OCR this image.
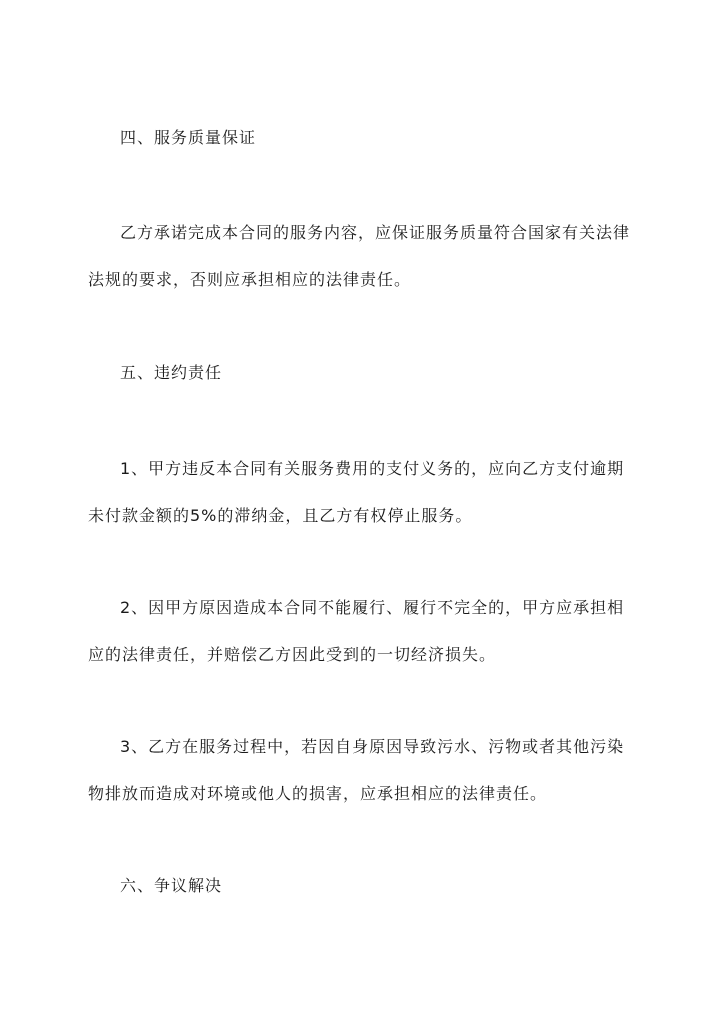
四、服务质量保证
乙方承诺完成本合同的服务内容，应保证服务质量符合国家有关法律
法规的要求，否则应承担相应的法律责任。
五、违约责任
1、甲方违反本合同有关服务费用的支付义务的，应向乙方支付逾期
未付款金额的5%的滞纳金，且乙方有权停止服务。
2、因甲方原因造成本合同不能履行、履行不完全的，甲方应承担相
应的法律责任，并赔偿乙方因此受到的一切经济损失。
3、乙方在服务过程中，若因自身原因导致污水、污物或者其他污染
物排放而造成对环境或他人的损害，应承担相应的法律责任。
六、争议解决
